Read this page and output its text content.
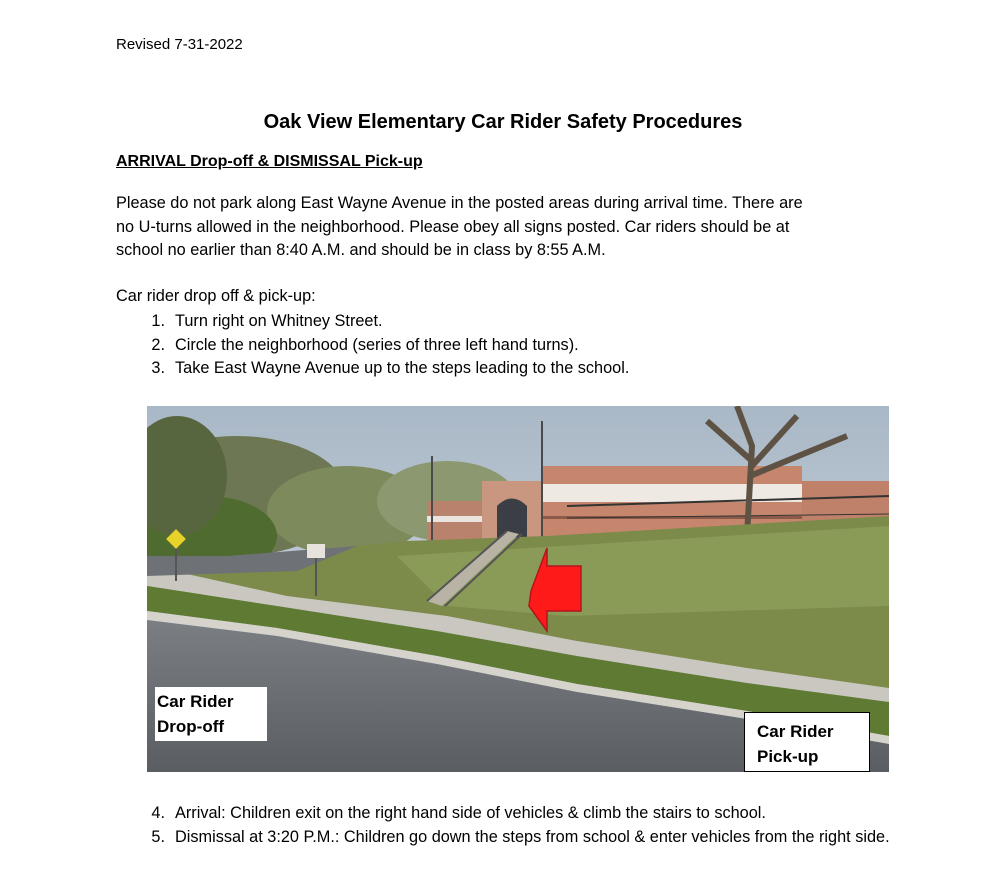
Revised 7-31-2022
Oak View Elementary Car Rider Safety Procedures
ARRIVAL Drop-off & DISMISSAL Pick-up
Please do not park along East Wayne Avenue in the posted areas during arrival time. There are
no U-turns allowed in the neighborhood. Please obey all signs posted. Car riders should be at
school no earlier than 8:40 A.M. and should be in class by 8:55 A.M.
Car rider drop off & pick-up:
1. Turn right on Whitney Street.
2. Circle the neighborhood (series of three left hand turns).
3. Take East Wayne Avenue up to the steps leading to the school.
Car Rider
Drop-off	Car Rider
Pick-up
4. Arrival: Children exit on the right hand side of vehicles & climb the stairs to school.
5. Dismissal at 3:20 P.M.: Children go down the steps from school & enter vehicles from the right side.
